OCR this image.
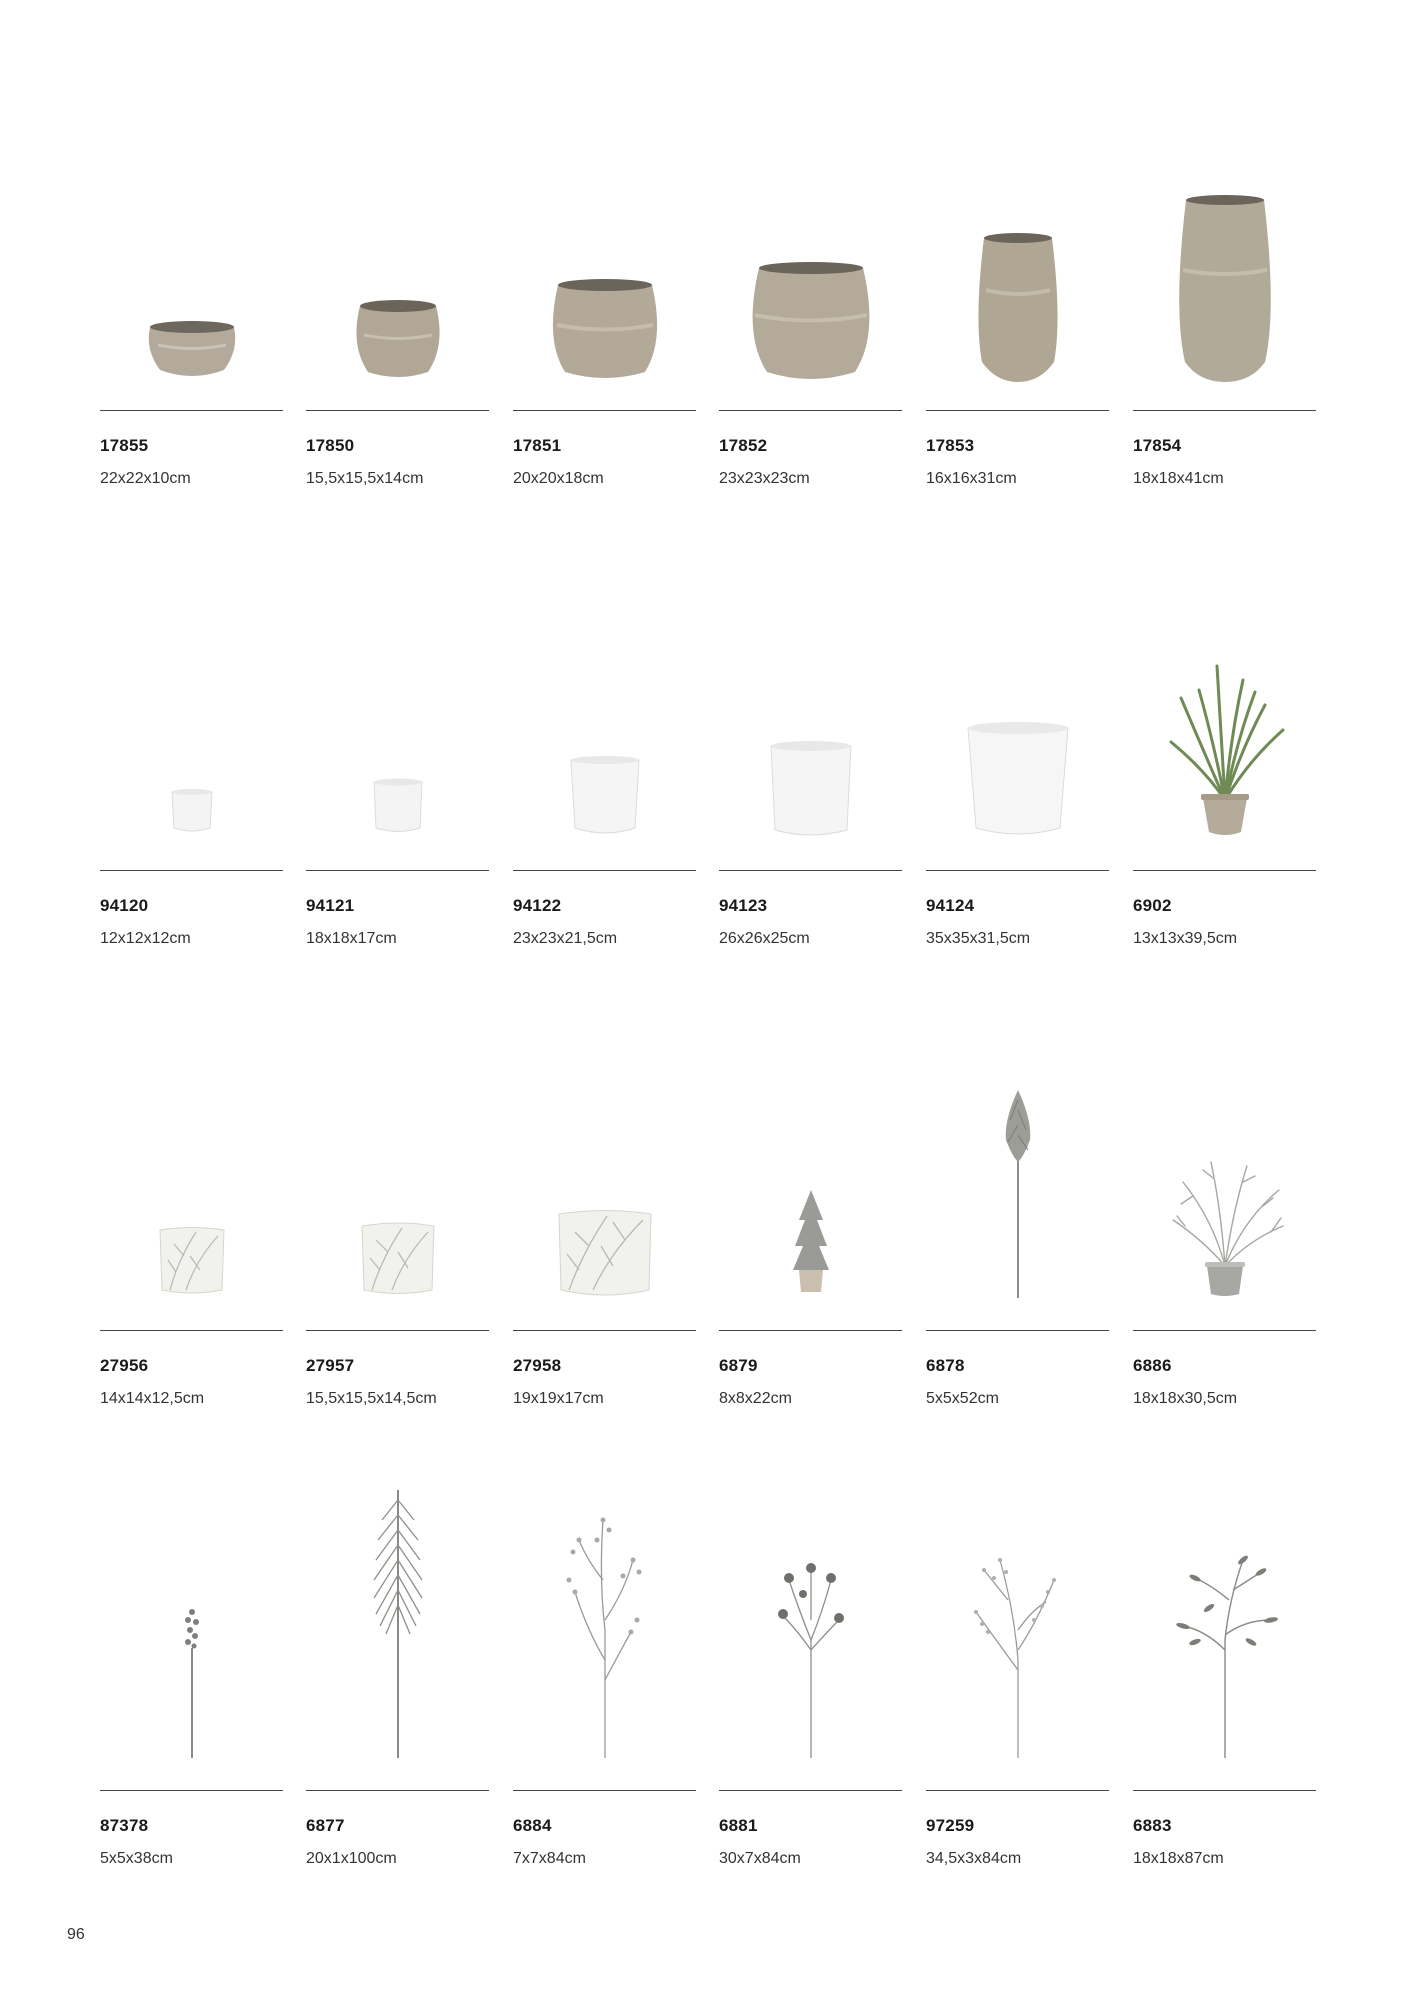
17855
22x22x10cm
17850
15,5x15,5x14cm
17851
20x20x18cm
17852
23x23x23cm
17853
16x16x31cm
17854
18x18x41cm
94120
12x12x12cm
94121
18x18x17cm
94122
23x23x21,5cm
94123
26x26x25cm
94124
35x35x31,5cm
6902
13x13x39,5cm
27956
14x14x12,5cm
27957
15,5x15,5x14,5cm
27958
19x19x17cm
6879
8x8x22cm
6878
5x5x52cm
6886
18x18x30,5cm
87378
5x5x38cm
6877
20x1x100cm
6884
7x7x84cm
6881
30x7x84cm
97259
34,5x3x84cm
6883
18x18x87cm
96
